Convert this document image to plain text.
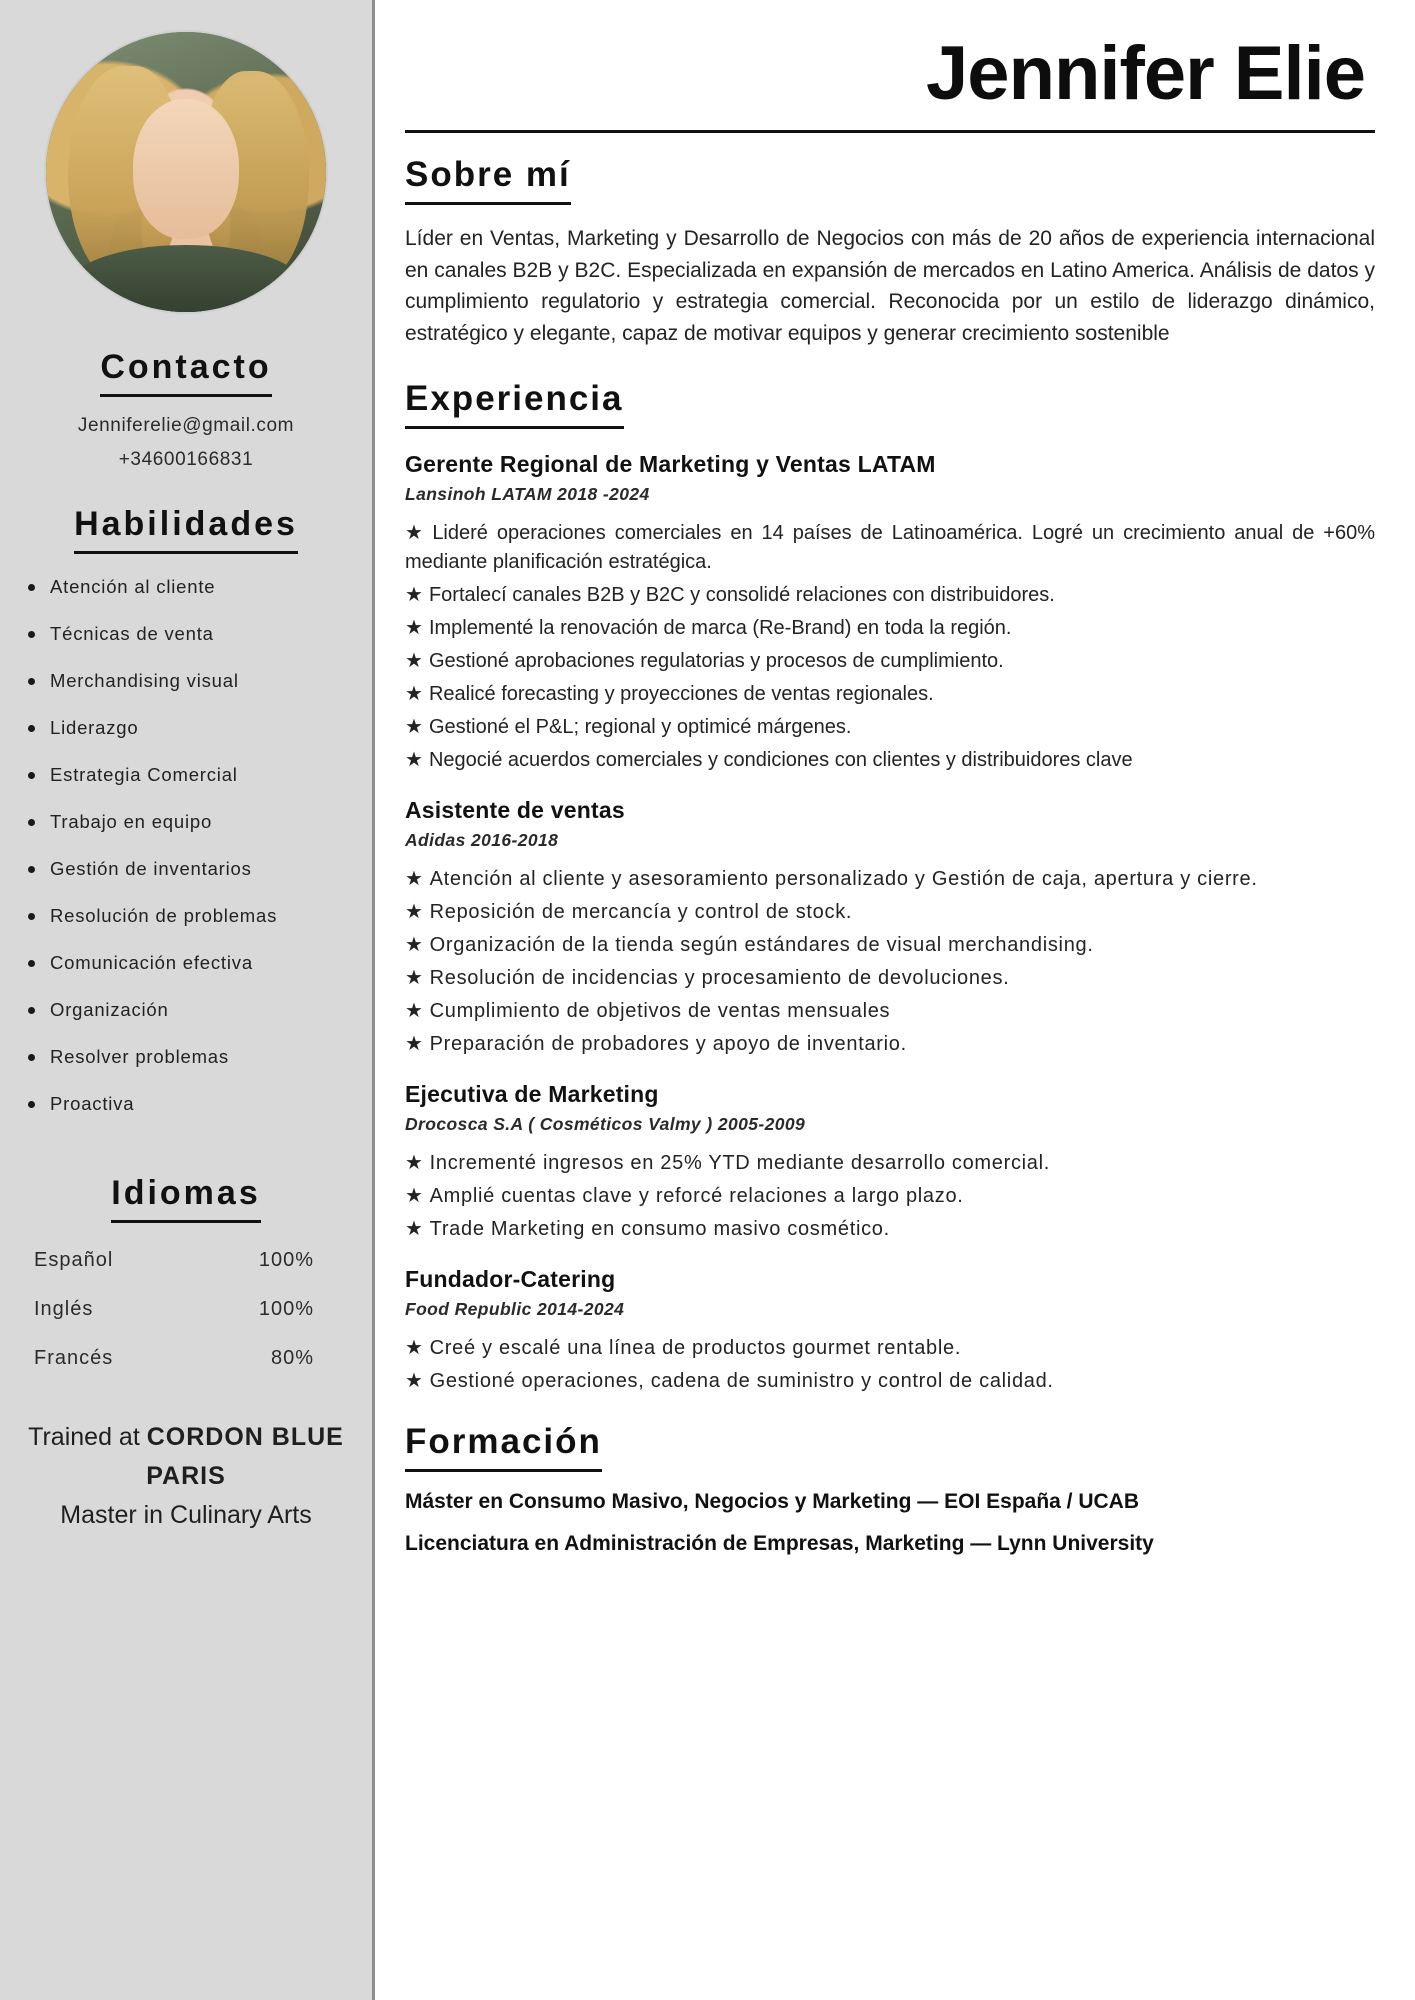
Contacto
Jenniferelie@gmail.com
+34600166831
Habilidades
Atención al cliente
Técnicas de venta
Merchandising visual
Liderazgo
Estrategia Comercial
Trabajo en equipo
Gestión de inventarios
Resolución de problemas
Comunicación efectiva
Organización
Resolver problemas
Proactiva
Idiomas
Español	100%
Inglés	100%
Francés	80%
Trained at CORDON BLUE PARIS
Master in Culinary Arts
Jennifer Elie
Sobre mí

Líder en Ventas, Marketing y Desarrollo de Negocios con más de 20 años de experiencia internacional en canales B2B y B2C. Especializada en expansión de mercados en Latino America. Análisis de datos y cumplimiento regulatorio y estrategia comercial. Reconocida por un estilo de liderazgo dinámico, estratégico y elegante, capaz de motivar equipos y generar crecimiento sostenible

Experiencia
Gerente Regional de Marketing y Ventas LATAM
Lansinoh LATAM 2018 -2024
★ Lideré operaciones comerciales en 14 países de Latinoamérica. Logré un crecimiento anual de +60% mediante planificación estratégica.
★ Fortalecí canales B2B y B2C y consolidé relaciones con distribuidores.
★ Implementé la renovación de marca (Re-Brand) en toda la región.
★ Gestioné aprobaciones regulatorias y procesos de cumplimiento.
★ Realicé forecasting y proyecciones de ventas regionales.
★ Gestioné el P&L; regional y optimicé márgenes.
★ Negocié acuerdos comerciales y condiciones con clientes y distribuidores clave
Asistente de ventas
Adidas 2016-2018
★ Atención al cliente y asesoramiento personalizado y Gestión de caja, apertura y cierre.
★ Reposición de mercancía y control de stock.
★ Organización de la tienda según estándares de visual merchandising.
★ Resolución de incidencias y procesamiento de devoluciones.
★ Cumplimiento de objetivos de ventas mensuales
★ Preparación de probadores y apoyo de inventario.
Ejecutiva de Marketing
Drocosca S.A ( Cosméticos Valmy ) 2005-2009
★ Incrementé ingresos en 25% YTD mediante desarrollo comercial.
★ Amplié cuentas clave y reforcé relaciones a largo plazo.
★ Trade Marketing en consumo masivo cosmético.
Fundador-Catering
Food Republic 2014-2024
★ Creé y escalé una línea de productos gourmet rentable.
★ Gestioné operaciones, cadena de suministro y control de calidad.
Formación
Máster en Consumo Masivo, Negocios y Marketing — EOI España / UCAB
Licenciatura en Administración de Empresas, Marketing — Lynn University
